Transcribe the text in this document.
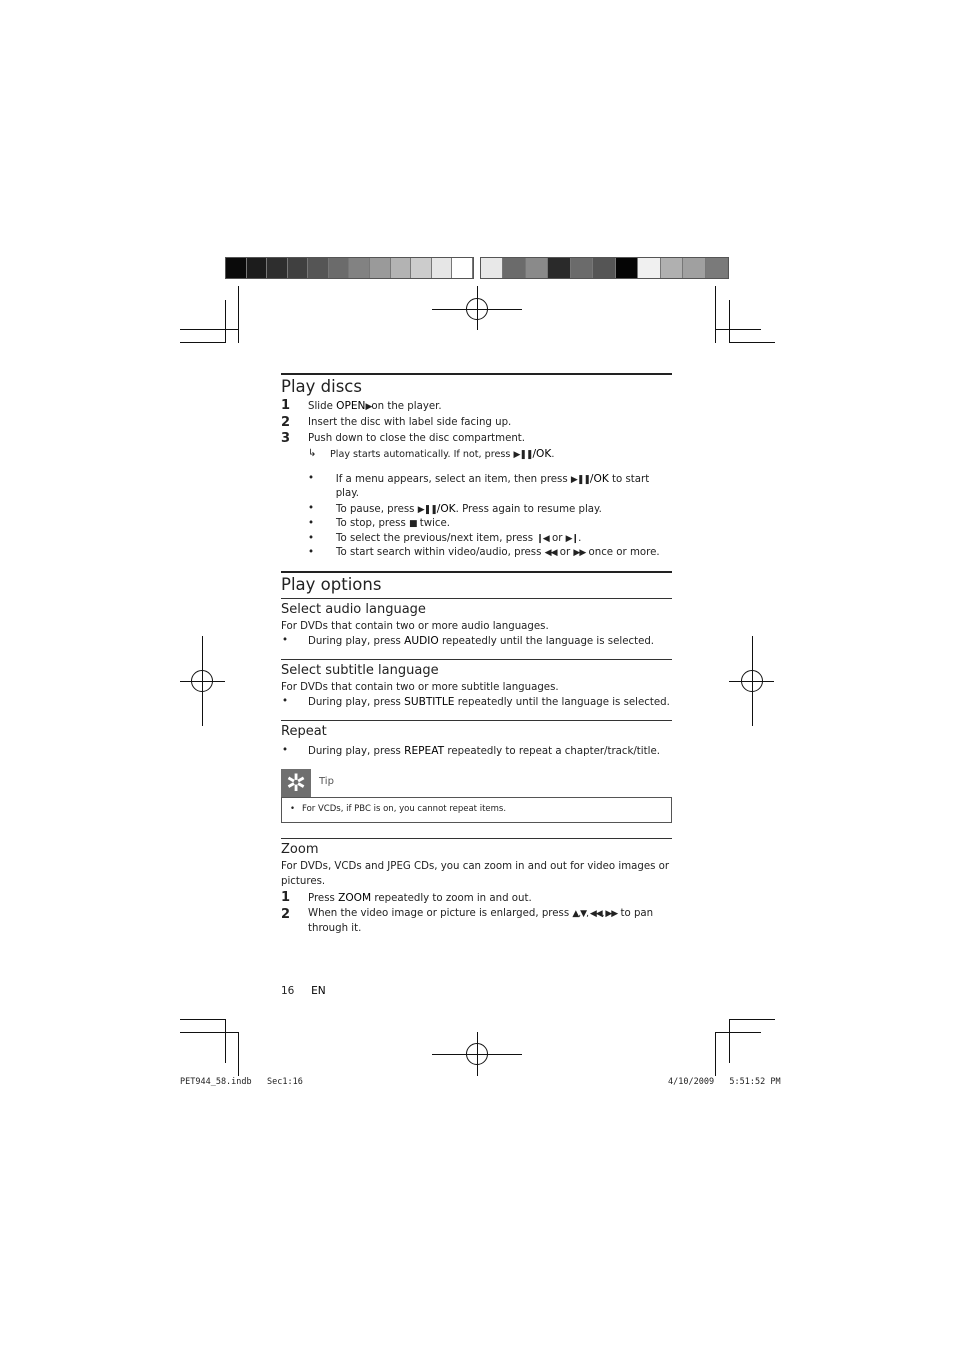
Play discs
1	Slide OPEN▶on the player.
2	Insert the disc with label side facing up.
3	Push down to close the disc compartment.
↳	Play starts automatically. If not, press ▶❚❚/OK.
•	If a menu appears, select an item, then press ▶❚❚/OK to start play.
•	To pause, press ▶❚❚/OK. Press again to resume play.
•	To stop, press ■ twice.
•	To select the previous/next item, press ❙◀ or ▶❙.
•	To start search within video/audio, press ◀◀ or ▶▶ once or more.
Play options
Select audio language

For DVDs that contain two or more audio languages.

•	During play, press AUDIO repeatedly until the language is selected.
Select subtitle language

For DVDs that contain two or more subtitle languages.

•	During play, press SUBTITLE repeatedly until the language is selected.
Repeat
•	During play, press REPEAT repeatedly to repeat a chapter/track/title.
✲	Tip
• For VCDs, if PBC is on, you cannot repeat items.
Zoom

For DVDs, VCDs and JPEG CDs, you can zoom in and out for video images or pictures.

1	Press ZOOM repeatedly to zoom in and out.
2	When the video image or picture is enlarged, press ▲,▼, ◀◀, ▶▶ to pan through it.
16 EN
PET944_58.indb   Sec1:16	4/10/2009   5:51:52 PM
